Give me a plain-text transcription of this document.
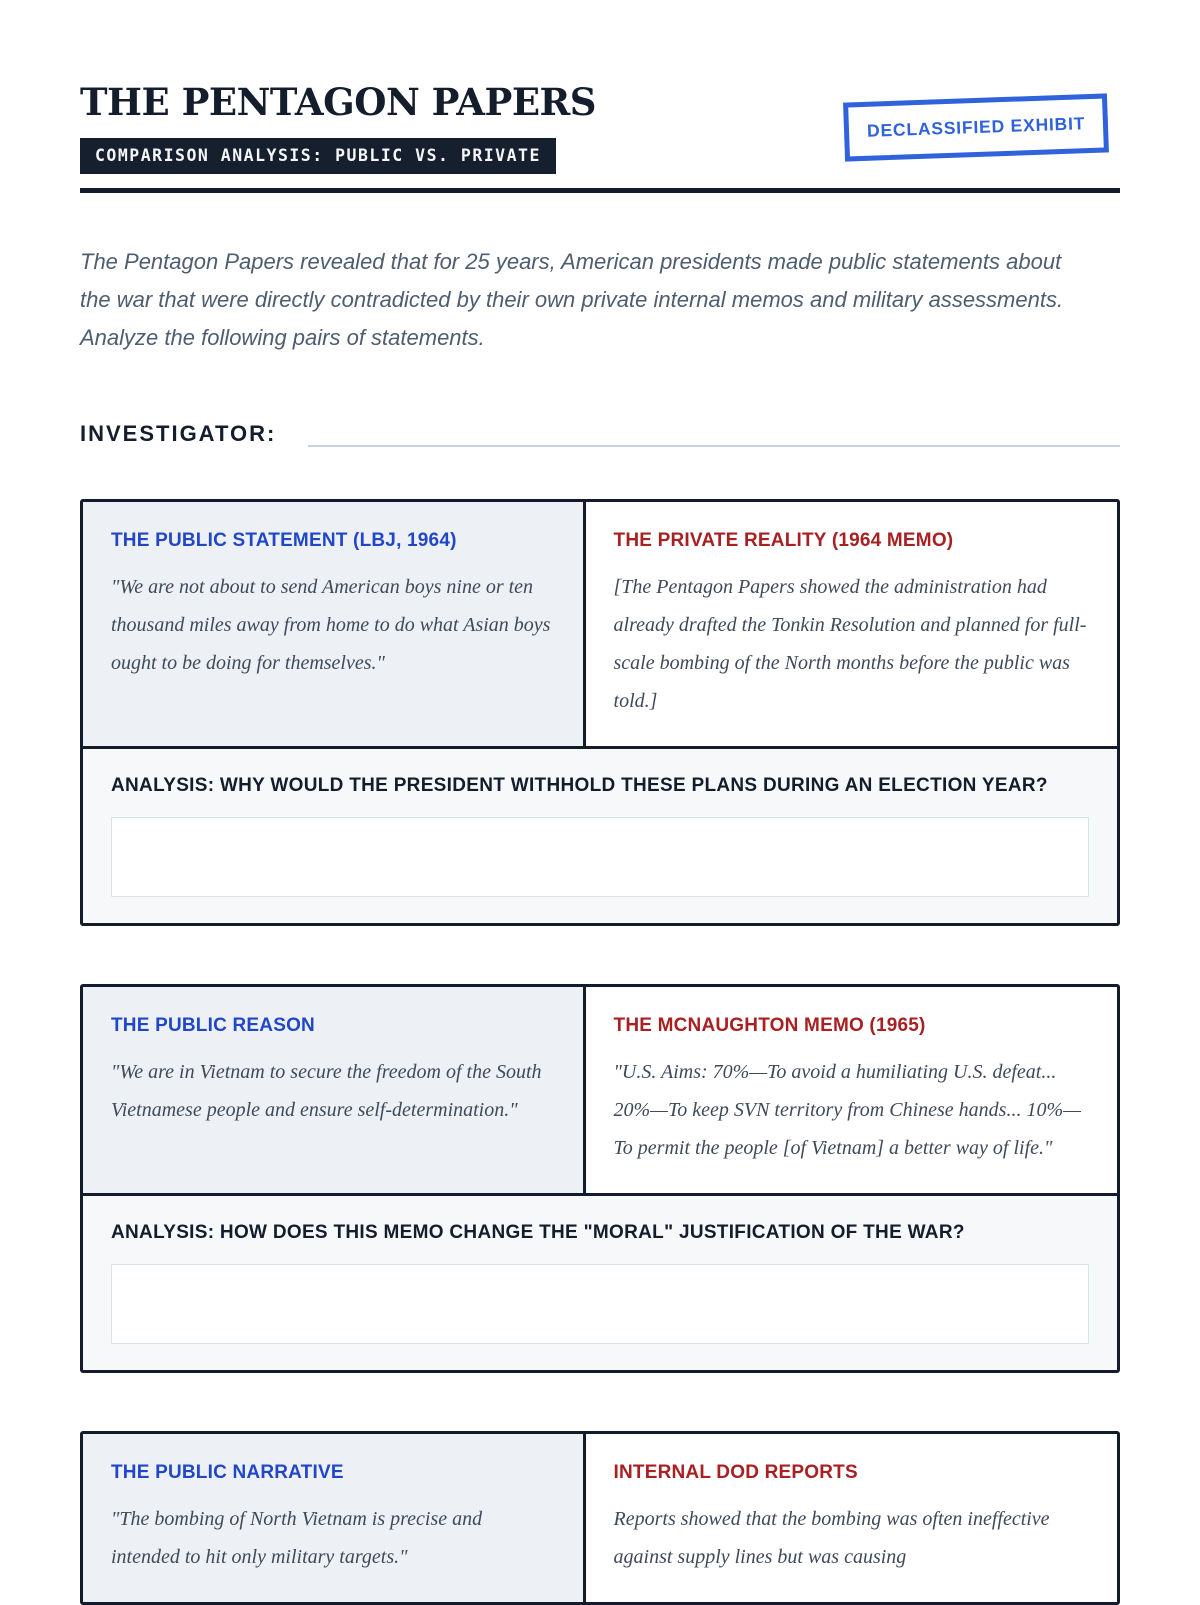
THE PENTAGON PAPERS
COMPARISON ANALYSIS: PUBLIC VS. PRIVATE
DECLASSIFIED EXHIBIT

The Pentagon Papers revealed that for 25 years, American presidents made public statements about the war that were directly contradicted by their own private internal memos and military assessments. Analyze the following pairs of statements.

INVESTIGATOR:
THE PUBLIC STATEMENT (LBJ, 1964)
"We are not about to send American boys nine or ten thousand miles away from home to do what Asian boys ought to be doing for themselves."
THE PRIVATE REALITY (1964 MEMO)
[The Pentagon Papers showed the administration had already drafted the Tonkin Resolution and planned for full-scale bombing of the North months before the public was told.]
ANALYSIS: WHY WOULD THE PRESIDENT WITHHOLD THESE PLANS DURING AN ELECTION YEAR?
THE PUBLIC REASON
"We are in Vietnam to secure the freedom of the South Vietnamese people and ensure self-determination."
THE MCNAUGHTON MEMO (1965)
"U.S. Aims: 70%—To avoid a humiliating U.S. defeat... 20%—To keep SVN territory from Chinese hands... 10%—To permit the people [of Vietnam] a better way of life."
ANALYSIS: HOW DOES THIS MEMO CHANGE THE "MORAL" JUSTIFICATION OF THE WAR?
THE PUBLIC NARRATIVE
"The bombing of North Vietnam is precise and intended to hit only military targets."
INTERNAL DOD REPORTS
Reports showed that the bombing was often ineffective against supply lines but was causing
